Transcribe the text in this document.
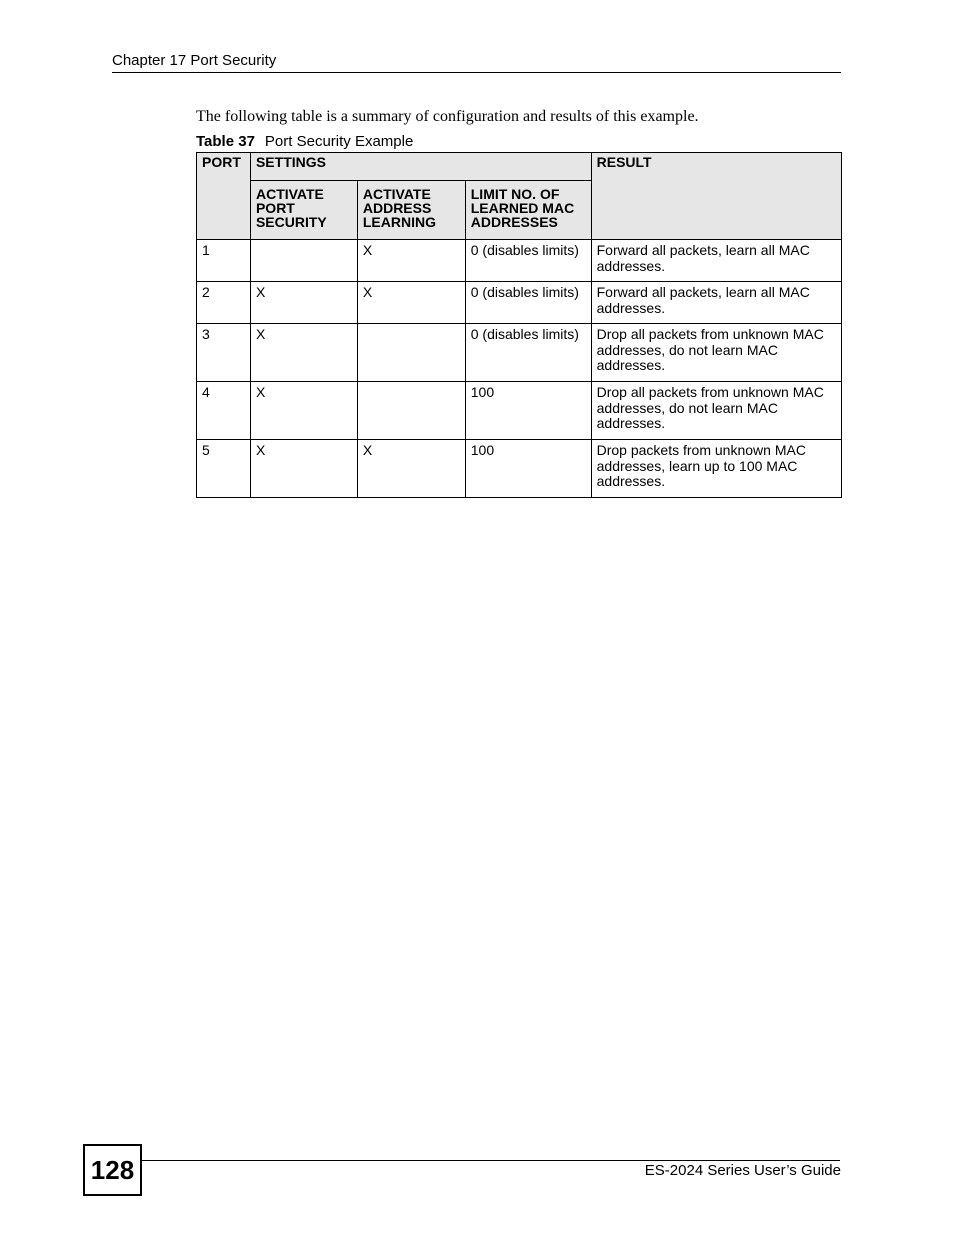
Chapter 17 Port Security
The following table is a summary of configuration and results of this example.
Table 37 Port Security Example
PORT	SETTINGS			RESULT
	ACTIVATE PORT SECURITY	ACTIVATE ADDRESS LEARNING	LIMIT NO. OF LEARNED MAC ADDRESSES	
1		X	0 (disables limits)	Forward all packets, learn all MAC addresses.
2	X	X	0 (disables limits)	Forward all packets, learn all MAC addresses.
3	X		0 (disables limits)	Drop all packets from unknown MAC addresses, do not learn MAC addresses.
4	X		100	Drop all packets from unknown MAC addresses, do not learn MAC addresses.
5	X	X	100	Drop packets from unknown MAC addresses, learn up to 100 MAC addresses.
128	ES-2024 Series User’s Guide
